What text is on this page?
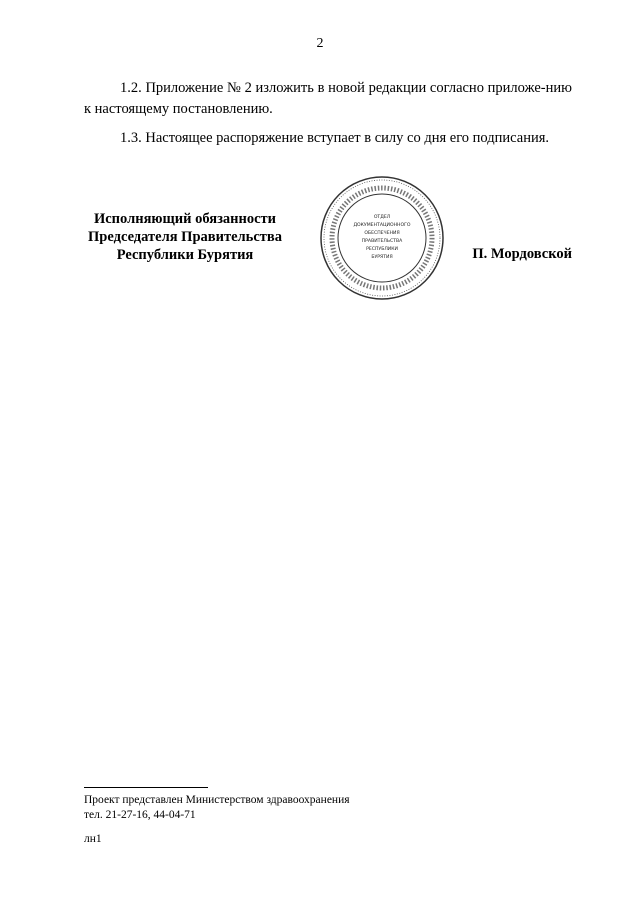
2

1.2. Приложение № 2 изложить в новой редакции согласно приложе-нию к настоящему постановлению.

1.3. Настоящее распоряжение вступает в силу со дня его подписания.

Исполняющий обязанности
Председателя Правительства
Республики Бурятия
ОТДЕЛ
ДОКУМЕНТАЦИОННОГО
ОБЕСПЕЧЕНИЯ
ПРАВИТЕЛЬСТВА
РЕСПУБЛИКИ
БУРЯТИЯ	П. Мордовской
Проект представлен Министерством здравоохранения
тел. 21-27-16, 44-04-71
лн1
